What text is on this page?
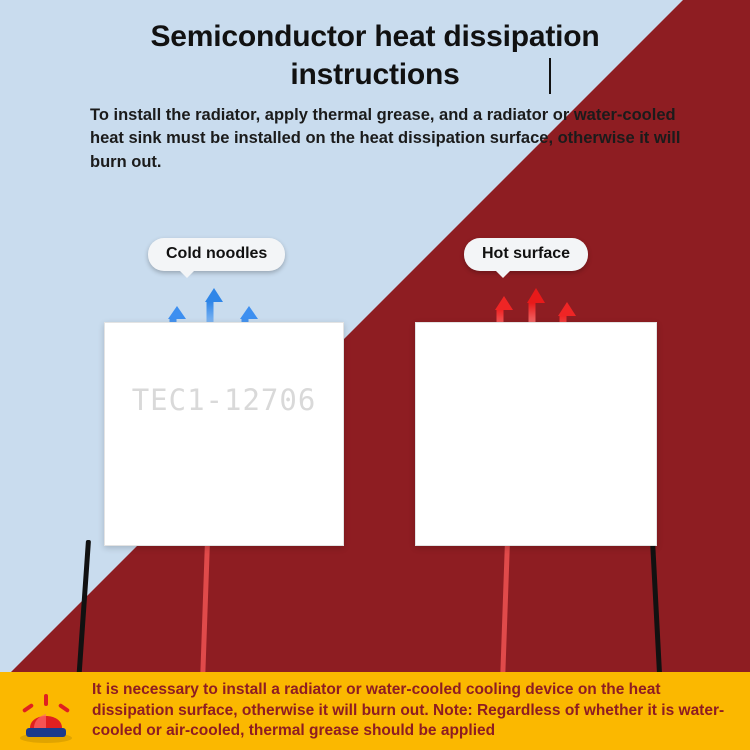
Semiconductor heat dissipation instructions
To install the radiator, apply thermal grease, and a radiator or water-cooled heat sink must be installed on the heat dissipation surface, otherwise it will burn out.
Cold noodles	Hot surface
TEC1-12706
It is necessary to install a radiator or water-cooled cooling device on the heat dissipation surface, otherwise it will burn out. Note: Regardless of whether it is water-cooled or air-cooled, thermal grease should be applied
